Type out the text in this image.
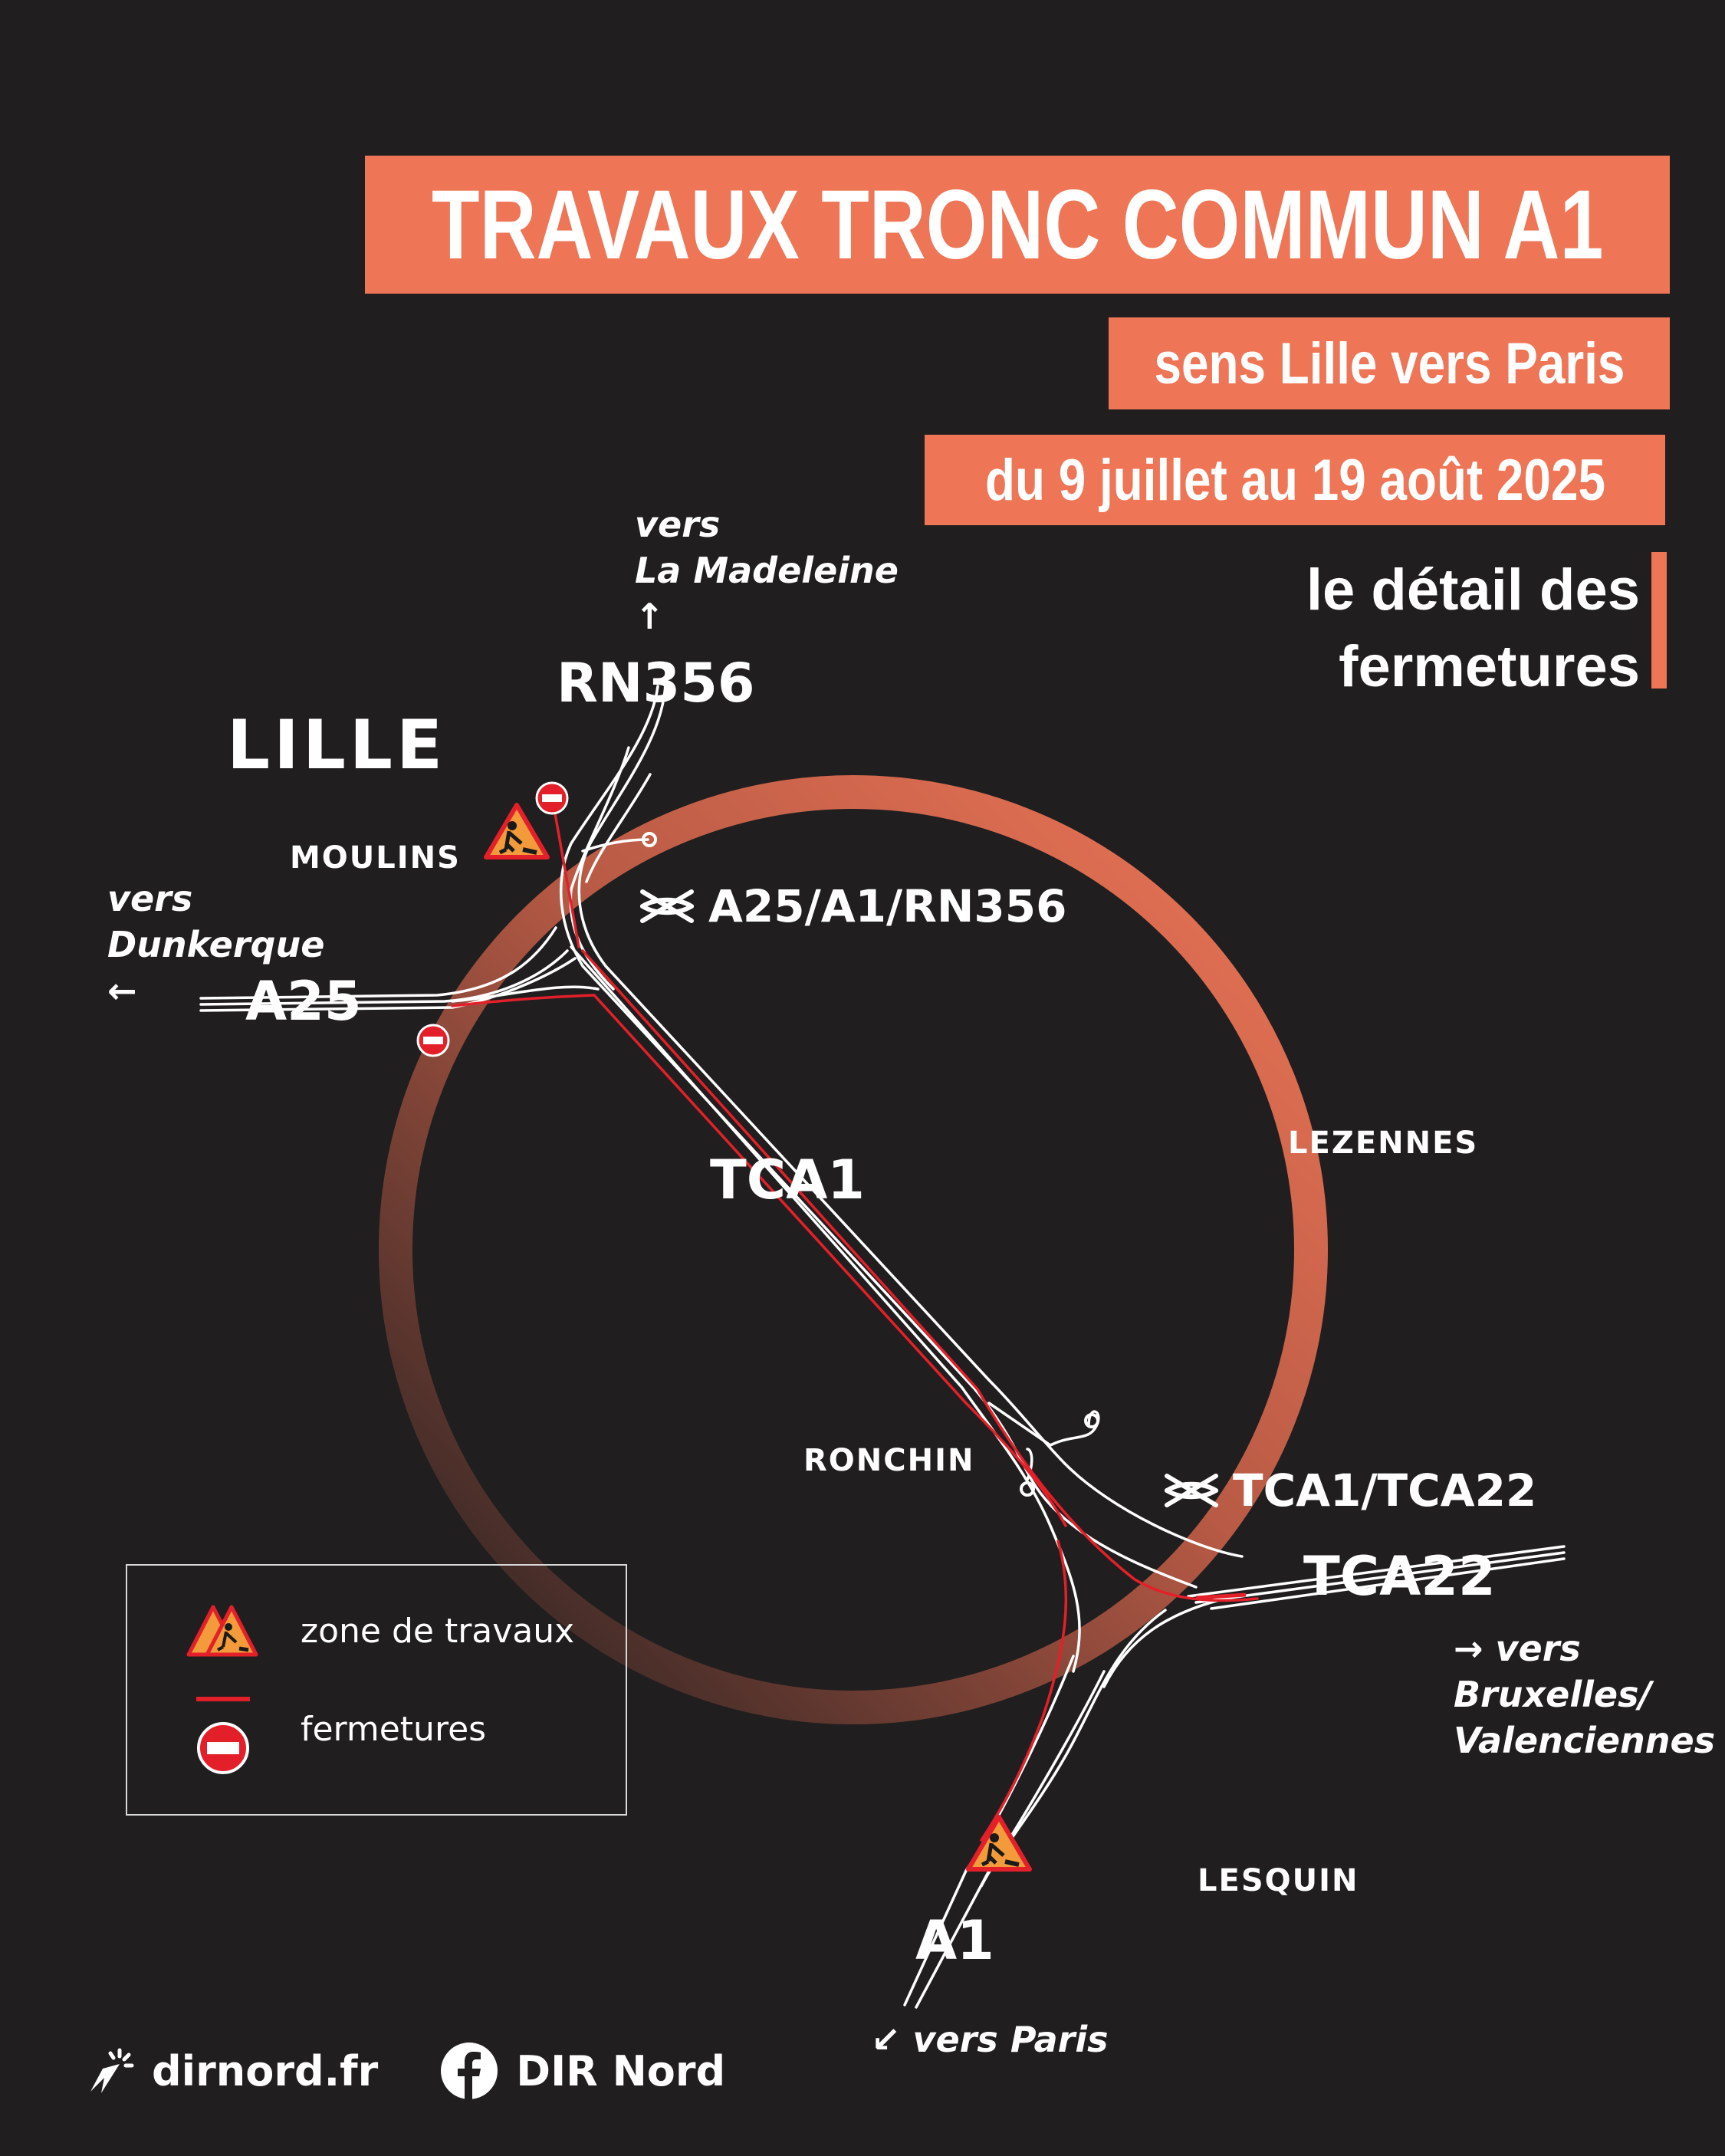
TRAVAUX TRONC COMMUN A1
sens Lille vers Paris
du 9 juillet au 19 août 2025
le détail des
fermetures
LILLE
MOULINS
LEZENNES
RONCHIN
LESQUIN
RN356
A25
TCA1
TCA22
A1
A25/A1/RN356
TCA1/TCA22
vers
La Madeleine
↑
vers
Dunkerque
←
→ vers
Bruxelles/
Valenciennes
↙ vers Paris
zone de travaux
fermetures
dirnord.fr	DIR Nord
